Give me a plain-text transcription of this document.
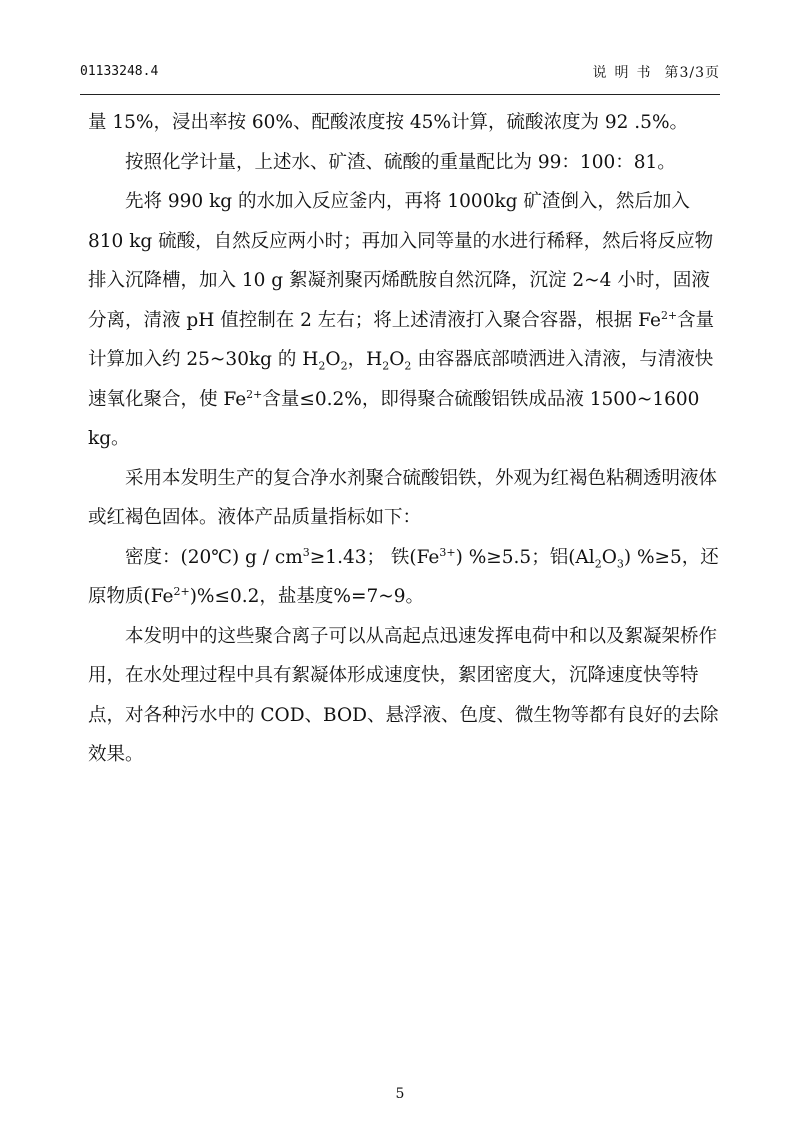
01133248.4	说明书 第3/3页

量 15%，浸出率按 60%、配酸浓度按 45%计算，硫酸浓度为 92 .5%。

按照化学计量，上述水、矿渣、硫酸的重量配比为 99：100：81。

先将 990 kg 的水加入反应釜内，再将 1000kg 矿渣倒入，然后加入 810 kg 硫酸，自然反应两小时；再加入同等量的水进行稀释，然后将反应物排入沉降槽，加入 10 g 絮凝剂聚丙烯酰胺自然沉降，沉淀 2~4 小时，固液分离，清液 pH 值控制在 2 左右；将上述清液打入聚合容器，根据 $Fe^{2+}$含量计算加入约 25~30kg 的 $H_2O_2$，$H_2O_2$ 由容器底部喷洒进入清液，与清液快速氧化聚合，使 $Fe^{2+}$含量≤0.2%，即得聚合硫酸铝铁成品液 1500~1600 kg。

采用本发明生产的复合净水剂聚合硫酸铝铁，外观为红褐色粘稠透明液体或红褐色固体。液体产品质量指标如下：

密度：(20℃) $g / cm^3\ge 1.43$； 铁$(Fe^{3+})$ %≥5.5；铝$(Al_2O_3)$ %≥5，还原物质$(Fe^{2+})\%\le 0.2$，盐基度%=7~9。

本发明中的这些聚合离子可以从高起点迅速发挥电荷中和以及絮凝架桥作用，在水处理过程中具有絮凝体形成速度快，絮团密度大，沉降速度快等特点，对各种污水中的 COD、BOD、悬浮液、色度、微生物等都有良好的去除效果。

5
